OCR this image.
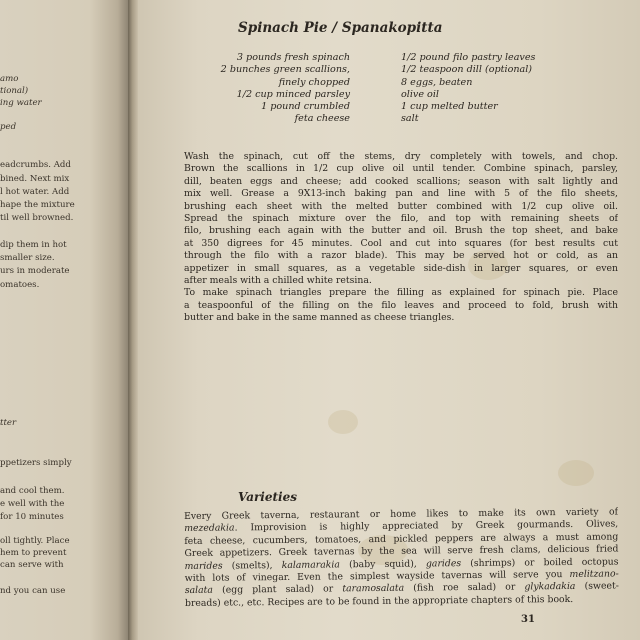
amo
tional)
ing water
ped
eadcrumbs. Add
bined. Next mix
l hot water. Add
hape the mixture
til well browned.
dip them in hot
smaller size.
urs in moderate
omatoes.
tter
ppetizers simply
and cool them.
e well with the
for 10 minutes
oll tightly. Place
hem to prevent
can serve with
nd you can use
Spinach Pie / Spanakopitta
3 pounds fresh spinach
2 bunches green scallions,
finely chopped
1/2 cup minced parsley
1 pound crumbled
feta cheese
1/2 pound filo pastry leaves
1/2 teaspoon dill (optional)
8 eggs, beaten
olive oil
1 cup melted butter
salt
Wash the spinach, cut off the stems, dry completely with towels, and chop.
Brown the scallions in 1/2 cup olive oil until tender. Combine spinach, parsley,
dill, beaten eggs and cheese; add cooked scallions; season with salt lightly and
mix well. Grease a 9X13-inch baking pan and line with 5 of the filo sheets,
brushing each sheet with the melted butter combined with 1/2 cup olive oil.
Spread the spinach mixture over the filo, and top with remaining sheets of
filo, brushing each again with the butter and oil. Brush the top sheet, and bake
at 350 digrees for 45 minutes. Cool and cut into squares (for best results cut
through the filo with a razor blade). This may be served hot or cold, as an
appetizer in small squares, as a vegetable side-dish in larger squares, or even
after meals with a chilled white retsina.
To make spinach triangles prepare the filling as explained for spinach pie. Place
a teaspoonful of the filling on the filo leaves and proceed to fold, brush with
butter and bake in the same manned as cheese triangles.
Varieties
Every Greek taverna, restaurant or home likes to make its own variety of
mezedakia. Improvision is highly appreciated by Greek gourmands. Olives,
feta cheese, cucumbers, tomatoes, and pickled peppers are always a must among
Greek appetizers. Greek tavernas by the sea will serve fresh clams, delicious fried
marides (smelts), kalamarakia (baby squid), garides (shrimps) or boiled octopus
with lots of vinegar. Even the simplest wayside tavernas will serve you melitzano-
salata (egg plant salad) or taramosalata (fish roe salad) or glykadakia (sweet-
breads) etc., etc. Recipes are to be found in the appropriate chapters of this book.
31
